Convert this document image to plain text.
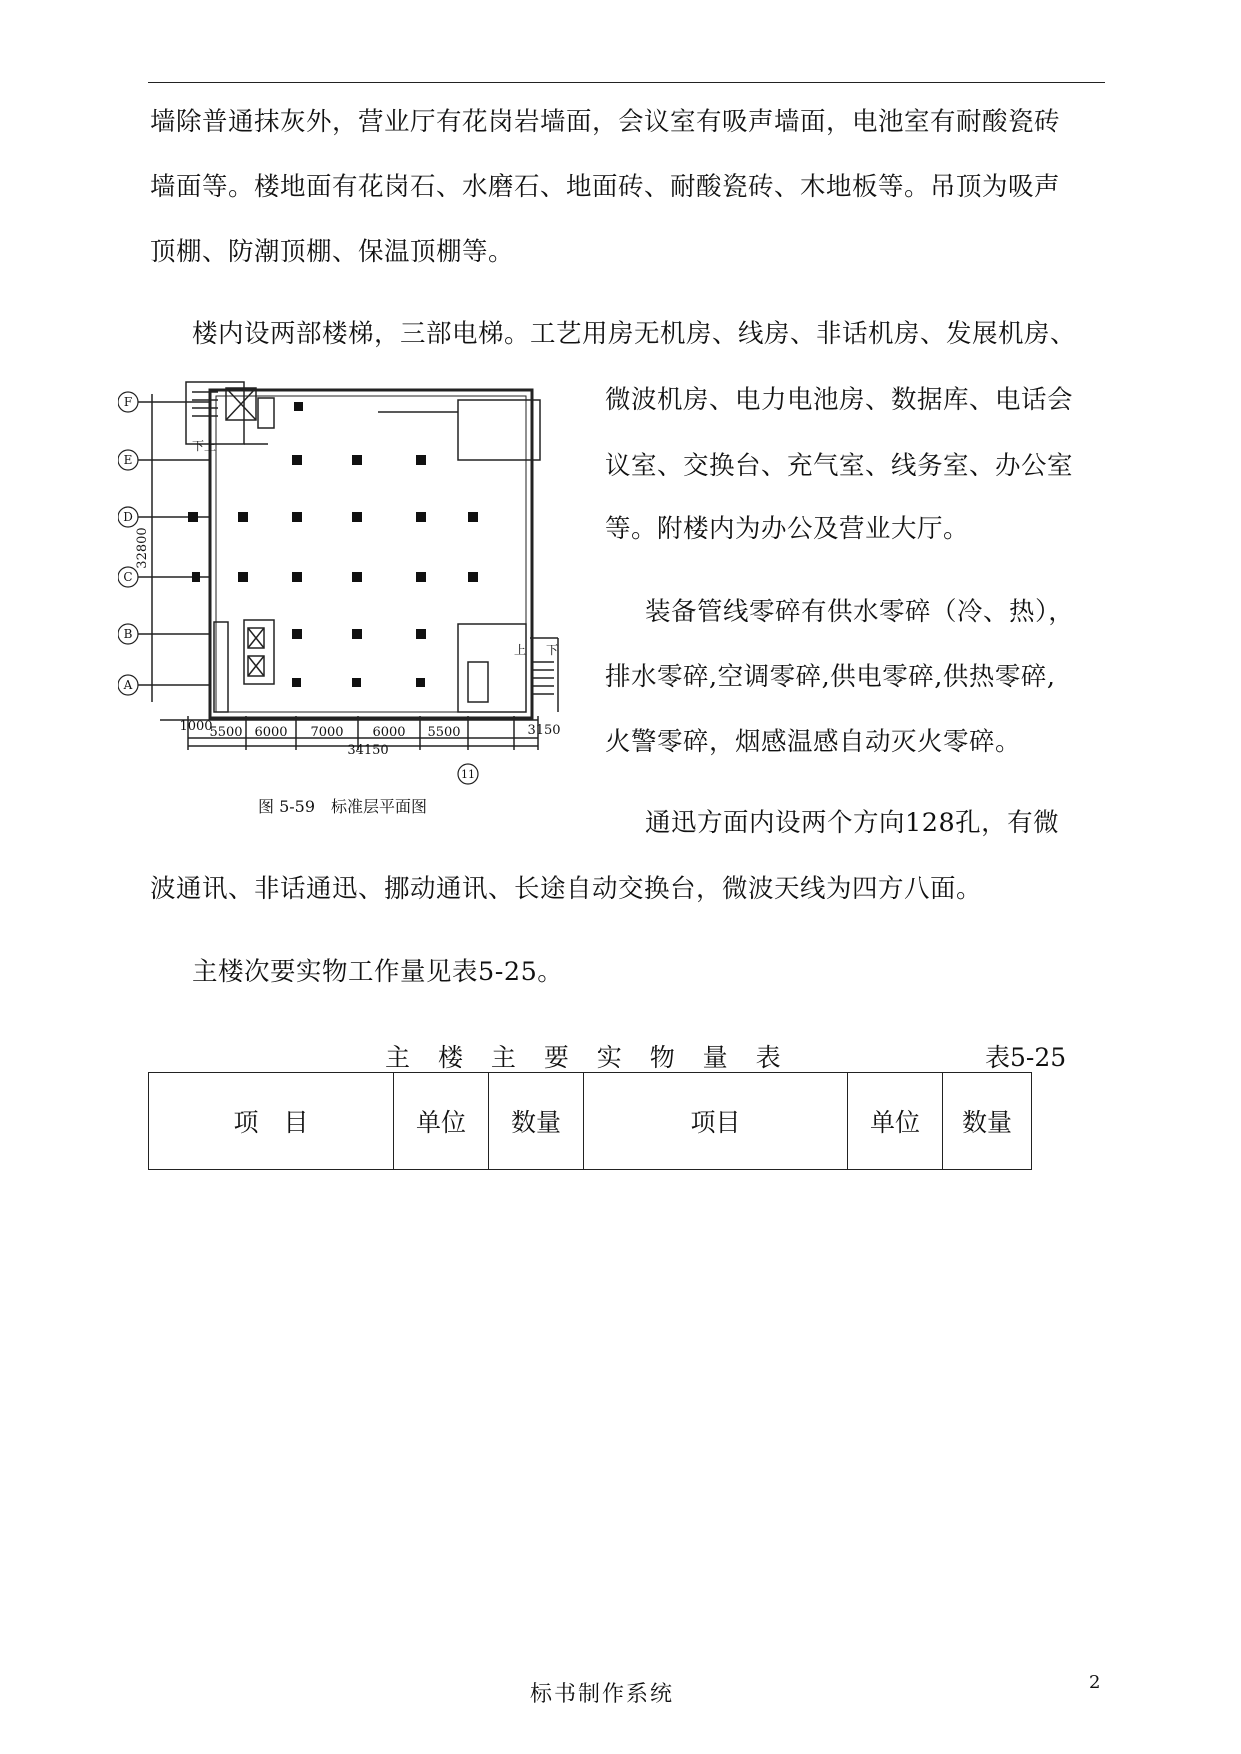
墙除普通抹灰外，营业厅有花岗岩墙面，会议室有吸声墙面，电池室有耐酸瓷砖
墙面等。楼地面有花岗石、水磨石、地面砖、耐酸瓷砖、木地板等。吊顶为吸声
顶棚、防潮顶棚、保温顶棚等。
楼内设两部楼梯，三部电梯。工艺用房无机房、线房、非话机房、发展机房、
微波机房、电力电池房、数据库、电话会
议室、交换台、充气室、线务室、办公室
等。附楼内为办公及营业大厅。
装备管线零碎有供水零碎（冷、热），
排水零碎,空调零碎,供电零碎,供热零碎,
火警零碎，烟感温感自动灭火零碎。
通迅方面内设两个方向128孔，有微
波通讯、非话通迅、挪动通讯、长途自动交换台，微波天线为四方八面。
主楼次要实物工作量见表5-25。
F
E
D
C
B
A
11
32800
1000
5500 6000 7000 6000 5500	3150
34150
下上
上 下
图 5-59　标准层平面图
主 楼 主 要 实 物 量 表	表5-25
项　目	单位	数量	项目	单位	数量
标书制作系统	2
